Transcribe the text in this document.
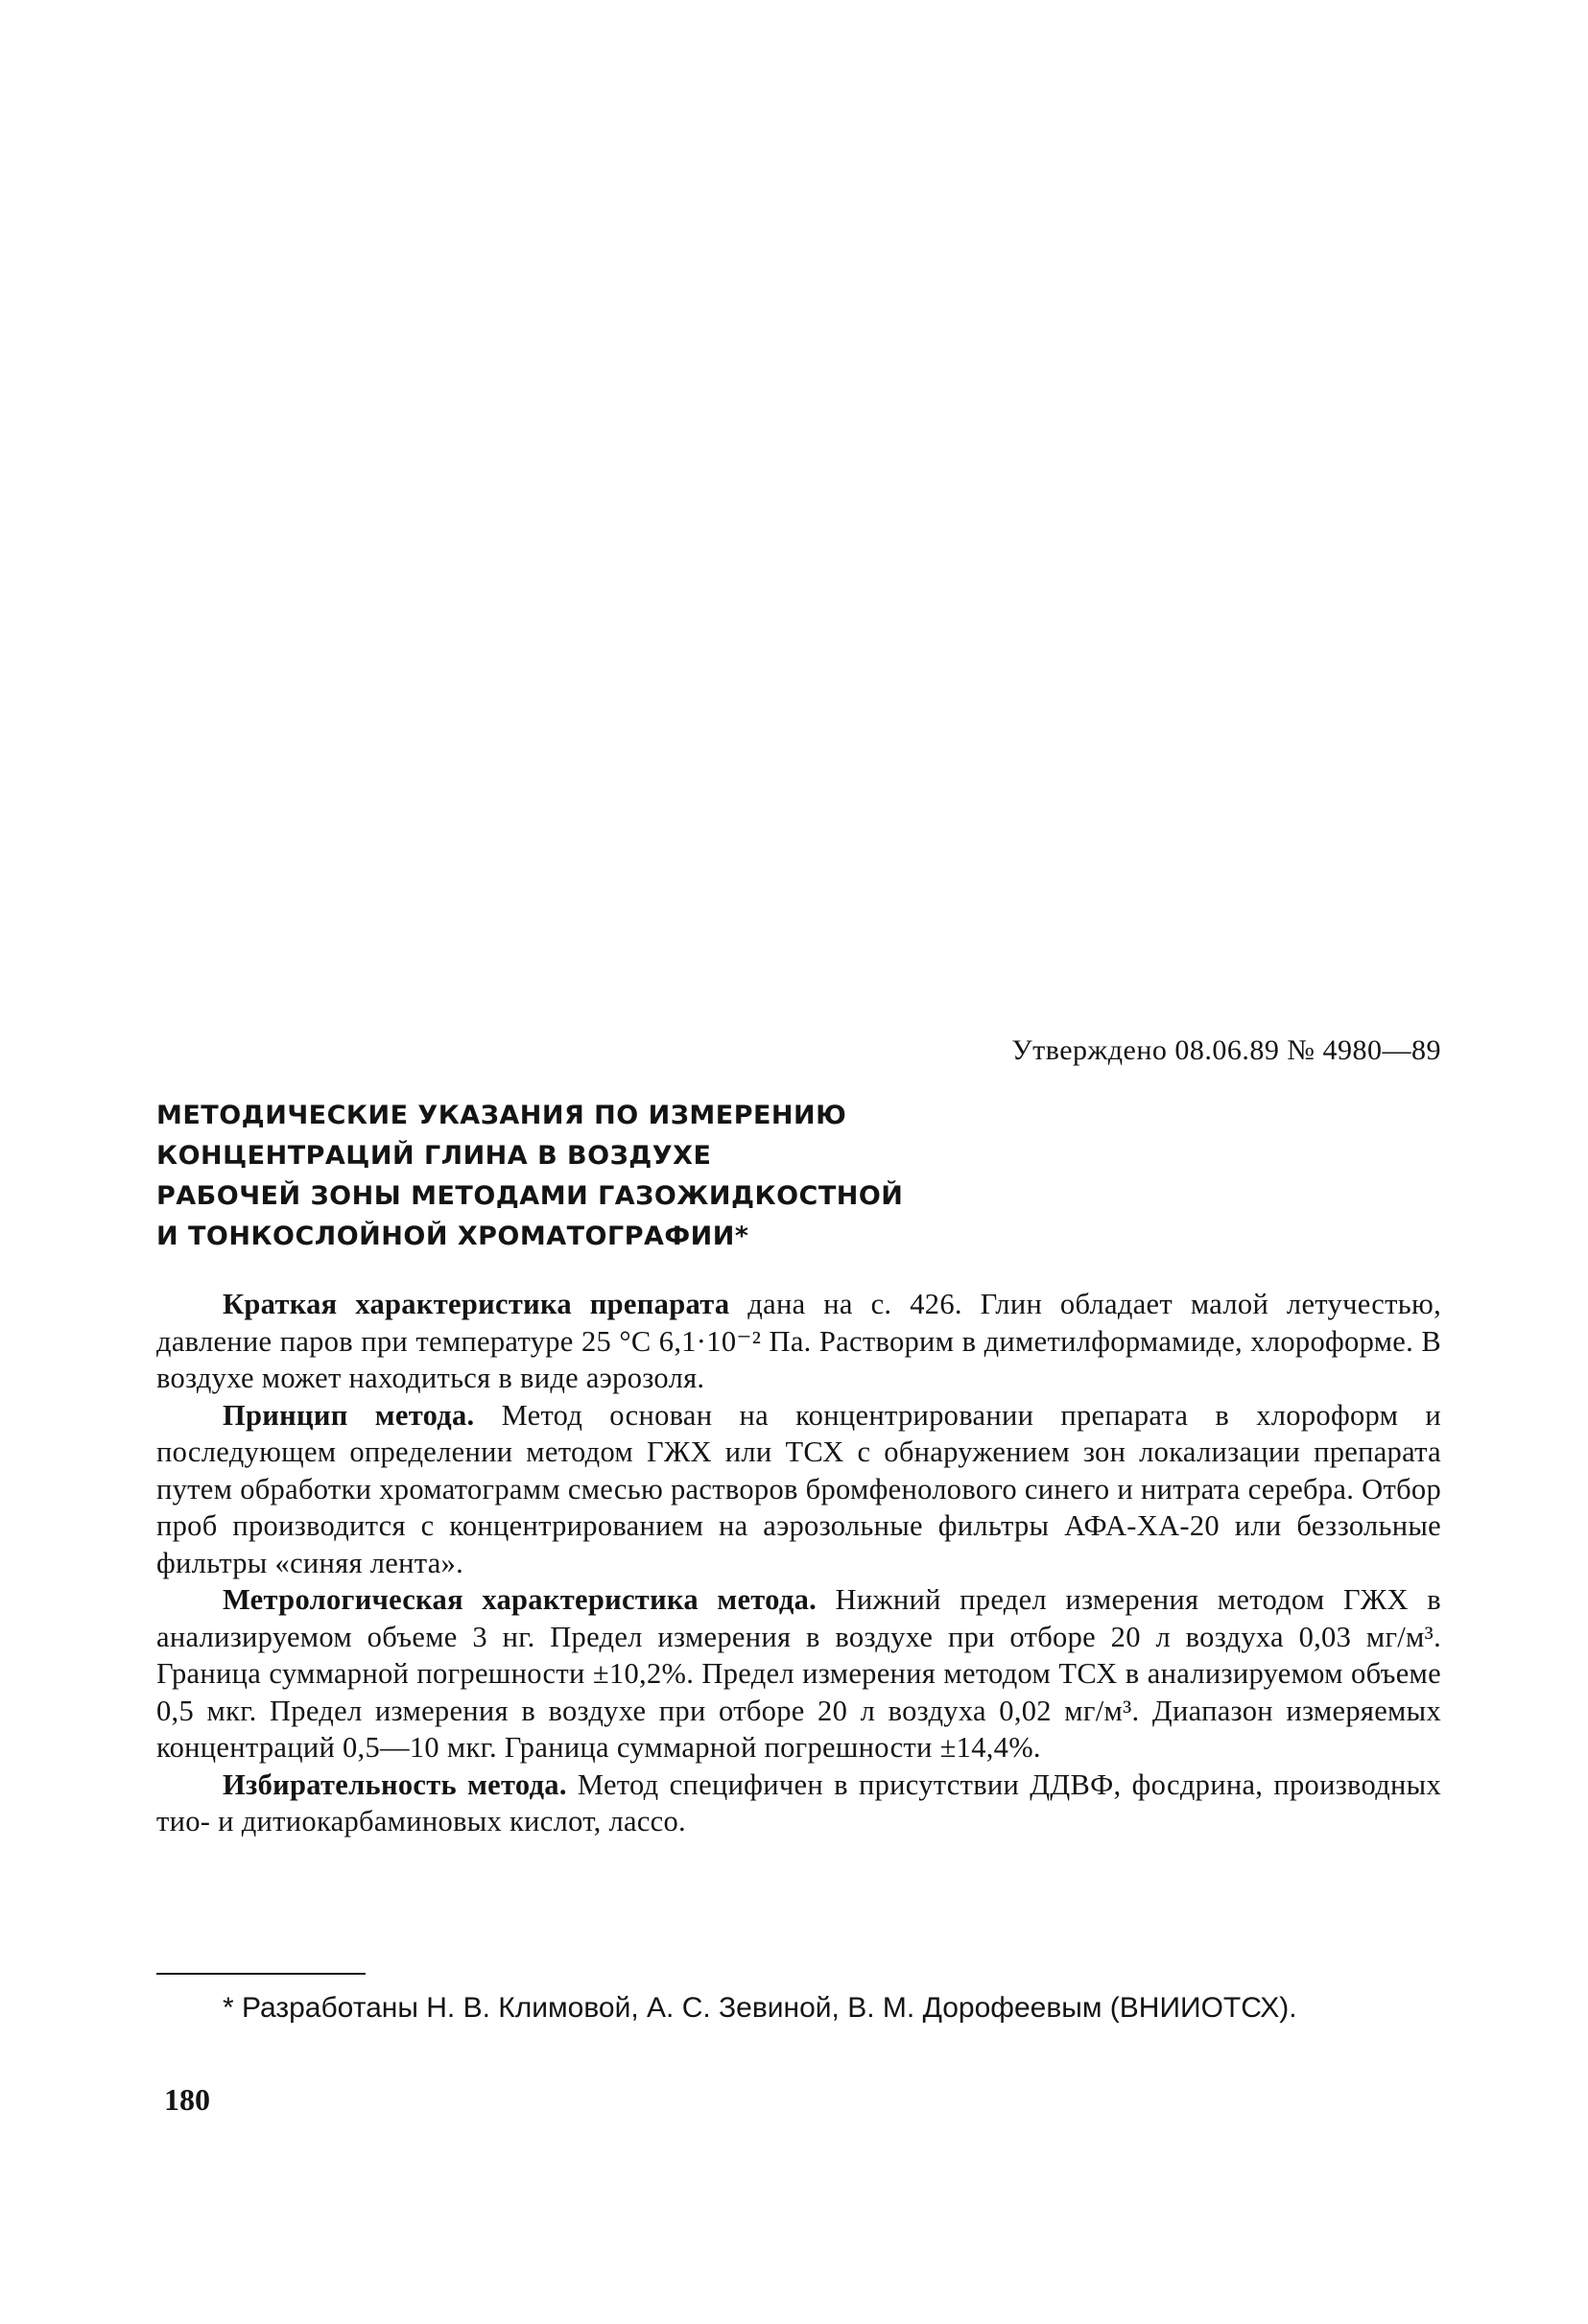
Утверждено 08.06.89 № 4980—89
МЕТОДИЧЕСКИЕ УКАЗАНИЯ ПО ИЗМЕРЕНИЮ
КОНЦЕНТРАЦИЙ ГЛИНА В ВОЗДУХЕ
РАБОЧЕЙ ЗОНЫ МЕТОДАМИ ГАЗОЖИДКОСТНОЙ
И ТОНКОСЛОЙНОЙ ХРОМАТОГРАФИИ*

Краткая характеристика препарата дана на с. 426. Глин обладает малой летучестью, давление паров при температуре 25 °С 6,1·10⁻² Па. Растворим в диметилформамиде, хлороформе. В воздухе может находиться в виде аэрозоля.

Принцип метода. Метод основан на концентрировании препарата в хлороформ и последующем определении методом ГЖХ или ТСХ с обнаружением зон локализации препарата путем обработки хроматограмм смесью растворов бромфенолового синего и нитрата серебра. Отбор проб производится с концентрированием на аэрозольные фильтры АФА-ХА-20 или беззольные фильтры «синяя лента».

Метрологическая характеристика метода. Нижний предел измерения методом ГЖХ в анализируемом объеме 3 нг. Предел измерения в воздухе при отборе 20 л воздуха 0,03 мг/м³. Граница суммарной погрешности ±10,2%. Предел измерения методом ТСХ в анализируемом объеме 0,5 мкг. Предел измерения в воздухе при отборе 20 л воздуха 0,02 мг/м³. Диапазон измеряемых концентраций 0,5—10 мкг. Граница суммарной погрешности ±14,4%.

Избирательность метода. Метод специфичен в присутствии ДДВФ, фосдрина, производных тио- и дитиокарбаминовых кислот, лассо.

* Разработаны Н. В. Климовой, А. С. Зевиной, В. М. Дорофеевым (ВНИИОТСХ).

180
